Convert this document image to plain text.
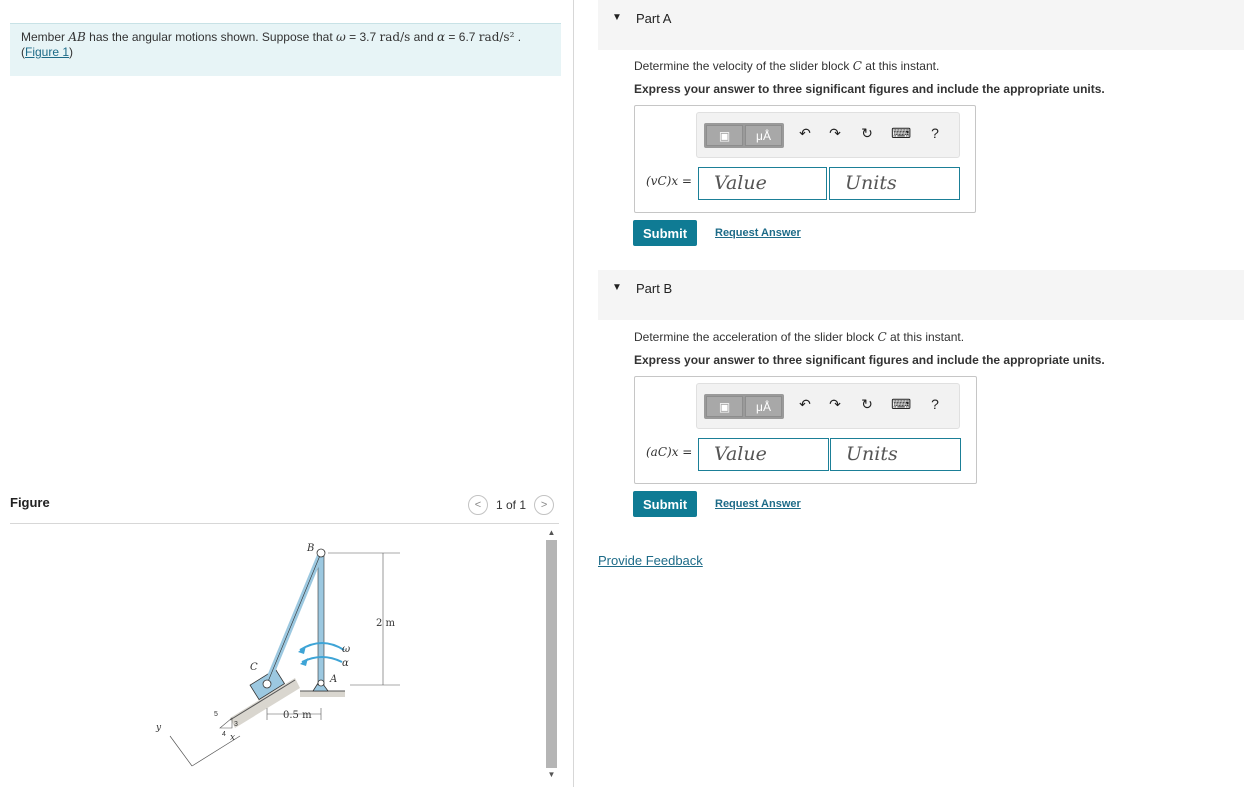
Member AB has the angular motions shown. Suppose that ω = 3.7 rad/s and α = 6.7 rad/s² .
(Figure 1)
Figure	< 1 of 1 >
2 m
0.5 m
B
C
A
ω
α
5
3
4
y
x
▲
▼
▼ Part A
Determine the velocity of the slider block C at this instant.
Express your answer to three significant figures and include the appropriate units.
▣ μÅ ↶ ↷ ↻ ⌨	?
(vC)x =	Value	Units
Submit	Request Answer
▼ Part B
Determine the acceleration of the slider block C at this instant.
Express your answer to three significant figures and include the appropriate units.
▣ μÅ ↶ ↷ ↻ ⌨	?
(aC)x =	Value	Units
Submit	Request Answer
Provide Feedback
